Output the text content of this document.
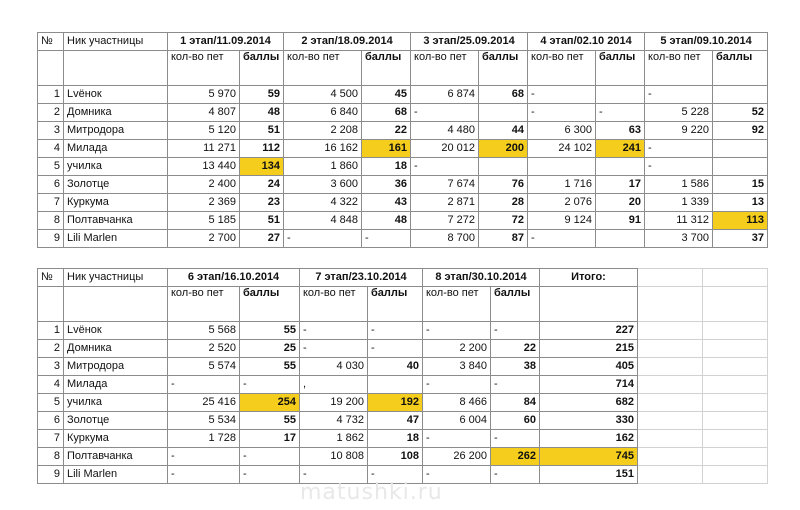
№	Ник участницы	1 этап/11.09.2014		2 этап/18.09.2014		3 этап/25.09.2014		4 этап/02.10 2014		5 этап/09.10.2014	
		кол-во пет	баллы	кол-во пет	баллы	кол-во пет	баллы	кол-во пет	баллы	кол-во пет	баллы
1	Lvёнок	5 970	59	4 500	45	6 874	68	-		-	
2	Домника	4 807	48	6 840	68	-		-	-	5 228	52
3	Митродора	5 120	51	2 208	22	4 480	44	6 300	63	9 220	92
4	Милада	11 271	112	16 162	161	20 012	200	24 102	241	-	
5	училка	13 440	134	1 860	18	-				-	
6	Золотце	2 400	24	3 600	36	7 674	76	1 716	17	1 586	15
7	Куркума	2 369	23	4 322	43	2 871	28	2 076	20	1 339	13
8	Полтавчанка	5 185	51	4 848	48	7 272	72	9 124	91	11 312	113
9	Lili Marlen	2 700	27	-	-	8 700	87	-		3 700	37
№	Ник участницы	6 этап/16.10.2014		7 этап/23.10.2014		8 этап/30.10.2014		Итого:		
		кол-во пет	баллы	кол-во пет	баллы	кол-во пет	баллы			
1	Lvёнок	5 568	55	-	-	-	-	227		
2	Домника	2 520	25	-	-	2 200	22	215		
3	Митродора	5 574	55	4 030	40	3 840	38	405		
4	Милада	-	-	,		-	-	714		
5	училка	25 416	254	19 200	192	8 466	84	682		
6	Золотце	5 534	55	4 732	47	6 004	60	330		
7	Куркума	1 728	17	1 862	18	-	-	162		
8	Полтавчанка	-	-	10 808	108	26 200	262	745		
9	Lili Marlen	-	-	-	-	-	-	151		
matushki.ru
